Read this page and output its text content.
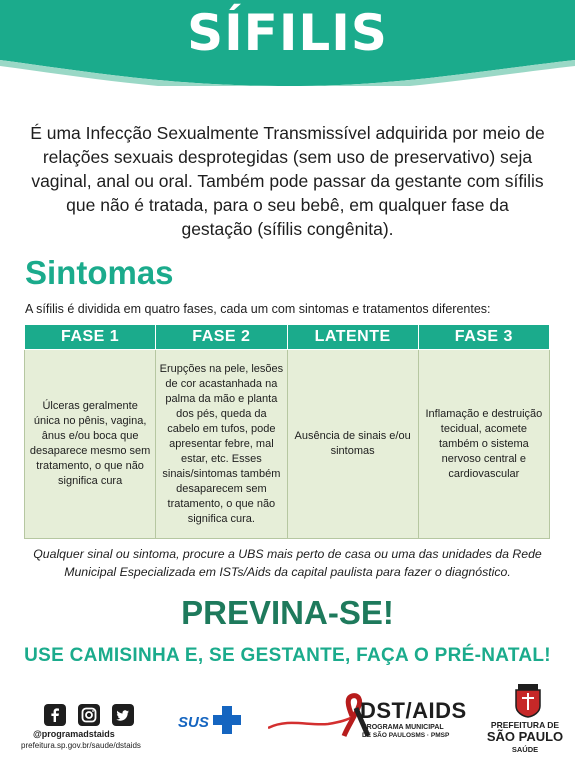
SÍFILIS

É uma Infecção Sexualmente Transmissível adquirida por meio de relações sexuais desprotegidas (sem uso de preservativo) seja vaginal, anal ou oral. Também pode passar da gestante com sífilis que não é tratada, para o seu bebê, em qualquer fase da gestação (sífilis congênita).

Sintomas
A sífilis é dividida em quatro fases, cada um com sintomas e tratamentos diferentes:
FASE 1	FASE 2	LATENTE	FASE 3
Úlceras geralmente única no pênis, vagina, ânus e/ou boca que desaparece mesmo sem tratamento, o que não significa cura	Erupções na pele, lesões de cor acastanhada na palma da mão e planta dos pés, queda da cabelo em tufos, pode apresentar febre, mal estar, etc. Esses sinais/sintomas também desaparecem sem tratamento, o que não significa cura.	Ausência de sinais e/ou sintomas	Inflamação e destruição tecidual, acomete também o sistema nervoso central e cardiovascular
Qualquer sinal ou sintoma, procure a UBS mais perto de casa ou uma das unidades da Rede Municipal Especializada em ISTs/Aids da capital paulista para fazer o diagnóstico.
PREVINA-SE!
USE CAMISINHA E, SE GESTANTE, FAÇA O PRÉ-NATAL!
@programadstaids
prefeitura.sp.gov.br/saude/dstaids
SUS	DST/AIDS
PROGRAMA MUNICIPAL
DE SÃO PAULOSMS · PMSP
PREFEITURA DE
SÃO PAULO
SAÚDE
